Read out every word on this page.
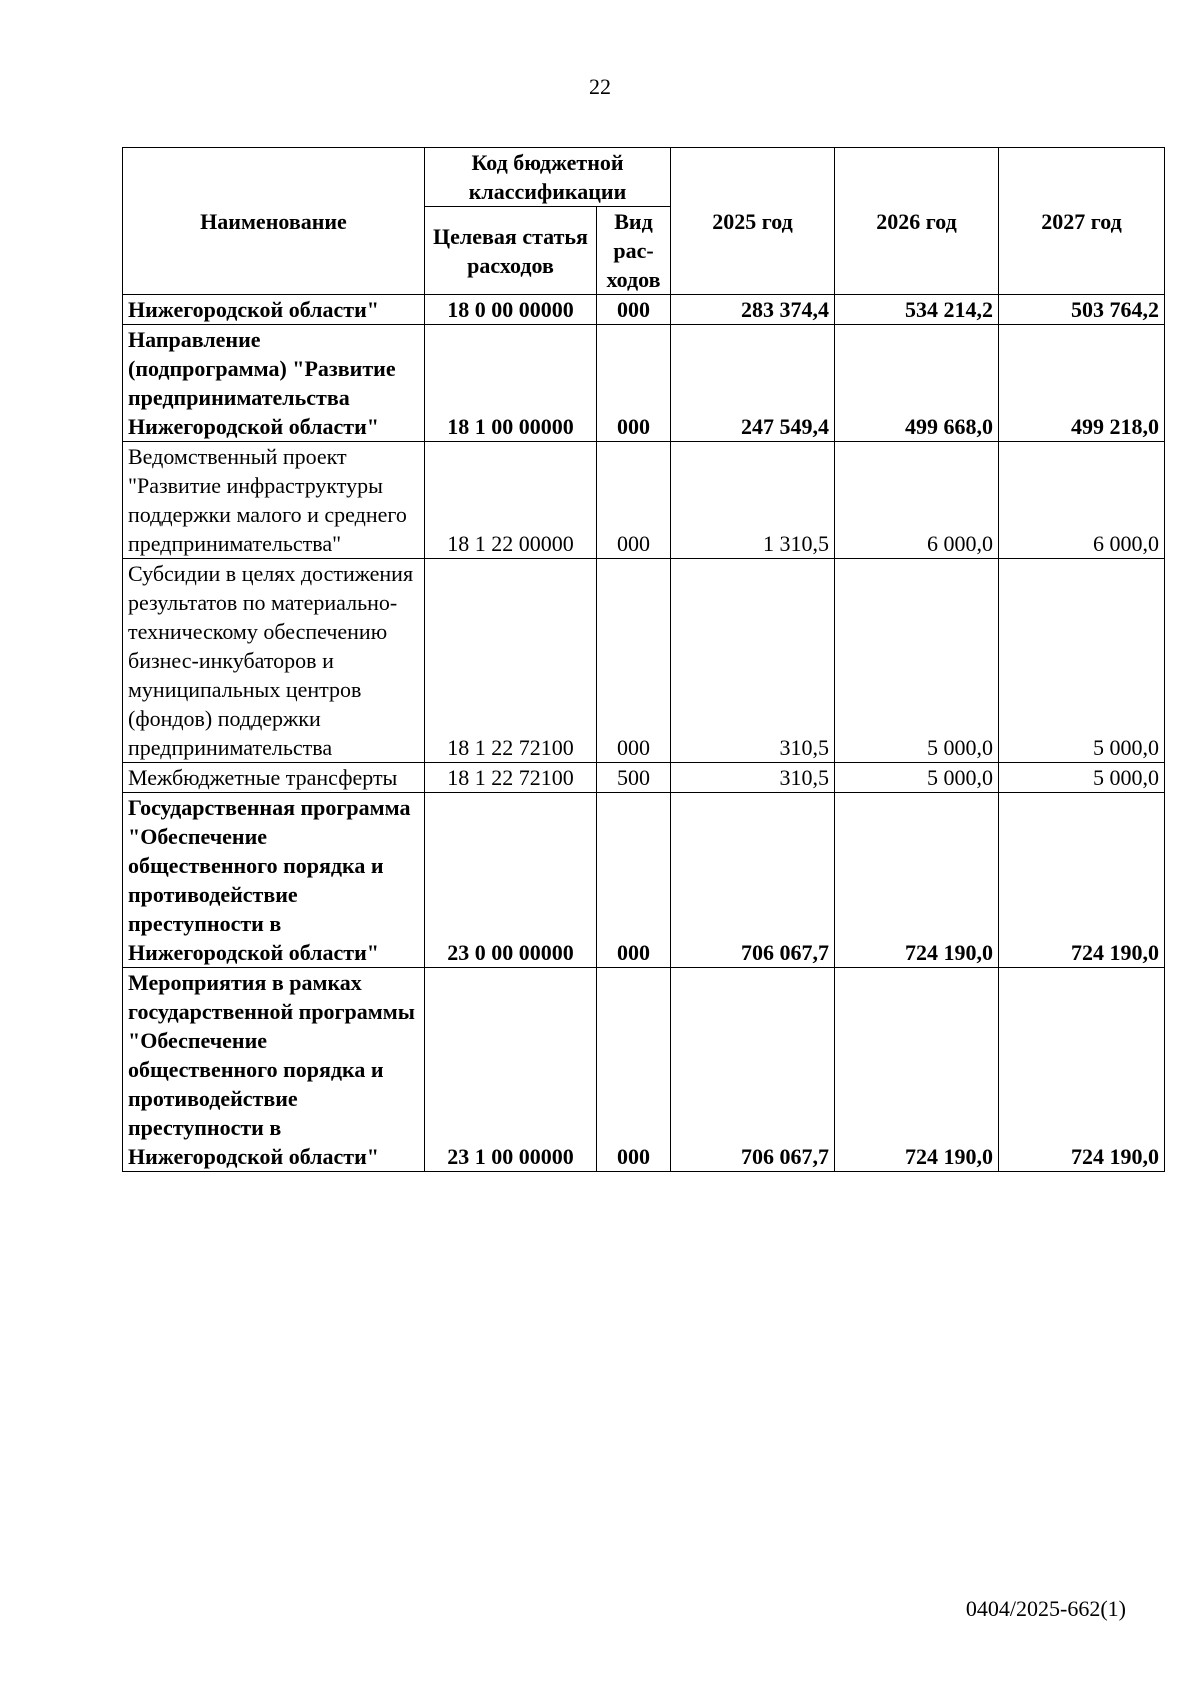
22
Наименование	Код бюджетной классификации		2025 год	2026 год	2027 год
	Целевая статья расходов	Вид рас-ходов			
Нижегородской области"	18 0 00 00000	000	283 374,4	534 214,2	503 764,2
Направление (подпрограмма) "Развитие предпринимательства Нижегородской области"	18 1 00 00000	000	247 549,4	499 668,0	499 218,0
Ведомственный проект "Развитие инфраструктуры поддержки малого и среднего предпринимательства"	18 1 22 00000	000	1 310,5	6 000,0	6 000,0
Субсидии в целях достижения результатов по материально-техническому обеспечению бизнес-инкубаторов и муниципальных центров (фондов) поддержки предпринимательства	18 1 22 72100	000	310,5	5 000,0	5 000,0
Межбюджетные трансферты	18 1 22 72100	500	310,5	5 000,0	5 000,0
Государственная программа "Обеспечение общественного порядка и противодействие преступности в Нижегородской области"	23 0 00 00000	000	706 067,7	724 190,0	724 190,0
Мероприятия в рамках государственной программы "Обеспечение общественного порядка и противодействие преступности в Нижегородской области"	23 1 00 00000	000	706 067,7	724 190,0	724 190,0
0404/2025-662(1)
